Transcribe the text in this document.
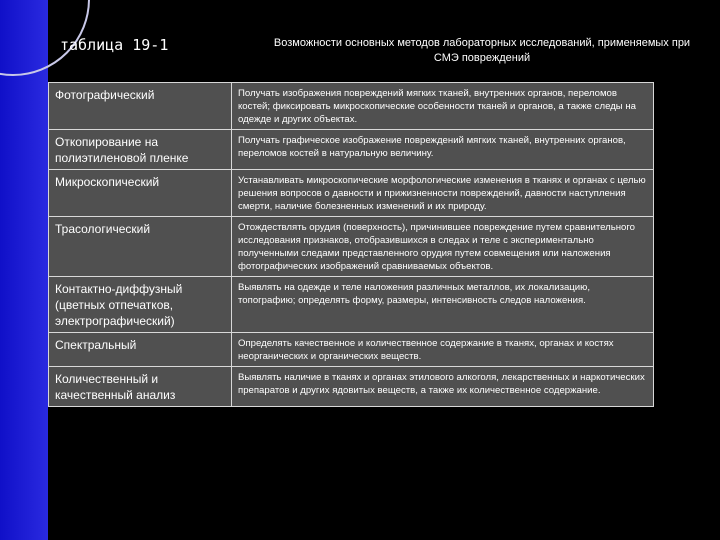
таблица 19-1	Возможности основных методов лабораторных исследований, применяемых при СМЭ повреждений
Фотографический	Получать изображения повреждений мягких тканей, внутренних органов, переломов костей; фиксировать микроскопические особенности тканей и органов, а также следы на одежде и других объектах.
Откопирование на полиэтиленовой пленке	Получать графическое изображение повреждений мягких тканей, внутренних органов, переломов костей в натуральную величину.
Микроскопический	Устанавливать микроскопические морфологические изменения в тканях и органах с целью решения вопросов о давности и прижизненности повреждений, давности наступления смерти, наличие болезненных изменений и их природу.
Трасологический	Отождествлять орудия (поверхность), причинившее повреждение путем сравнительного исследования признаков, отобразившихся в следах и теле с экспериментально полученными следами представленного орудия путем совмещения или наложения фотографических изображений сравниваемых объектов.
Контактно-диффузный (цветных отпечатков, электрографический)	Выявлять на одежде и теле наложения различных металлов, их локализацию, топографию; определять форму, размеры, интенсивность следов наложения.
Спектральный	Определять качественное и количественное содержание в тканях, органах и костях неорганических и органических веществ.
Количественный и качественный анализ	Выявлять наличие в тканях и органах этилового алкоголя, лекарственных и наркотических препаратов и других ядовитых веществ, а также их количественное содержание.
